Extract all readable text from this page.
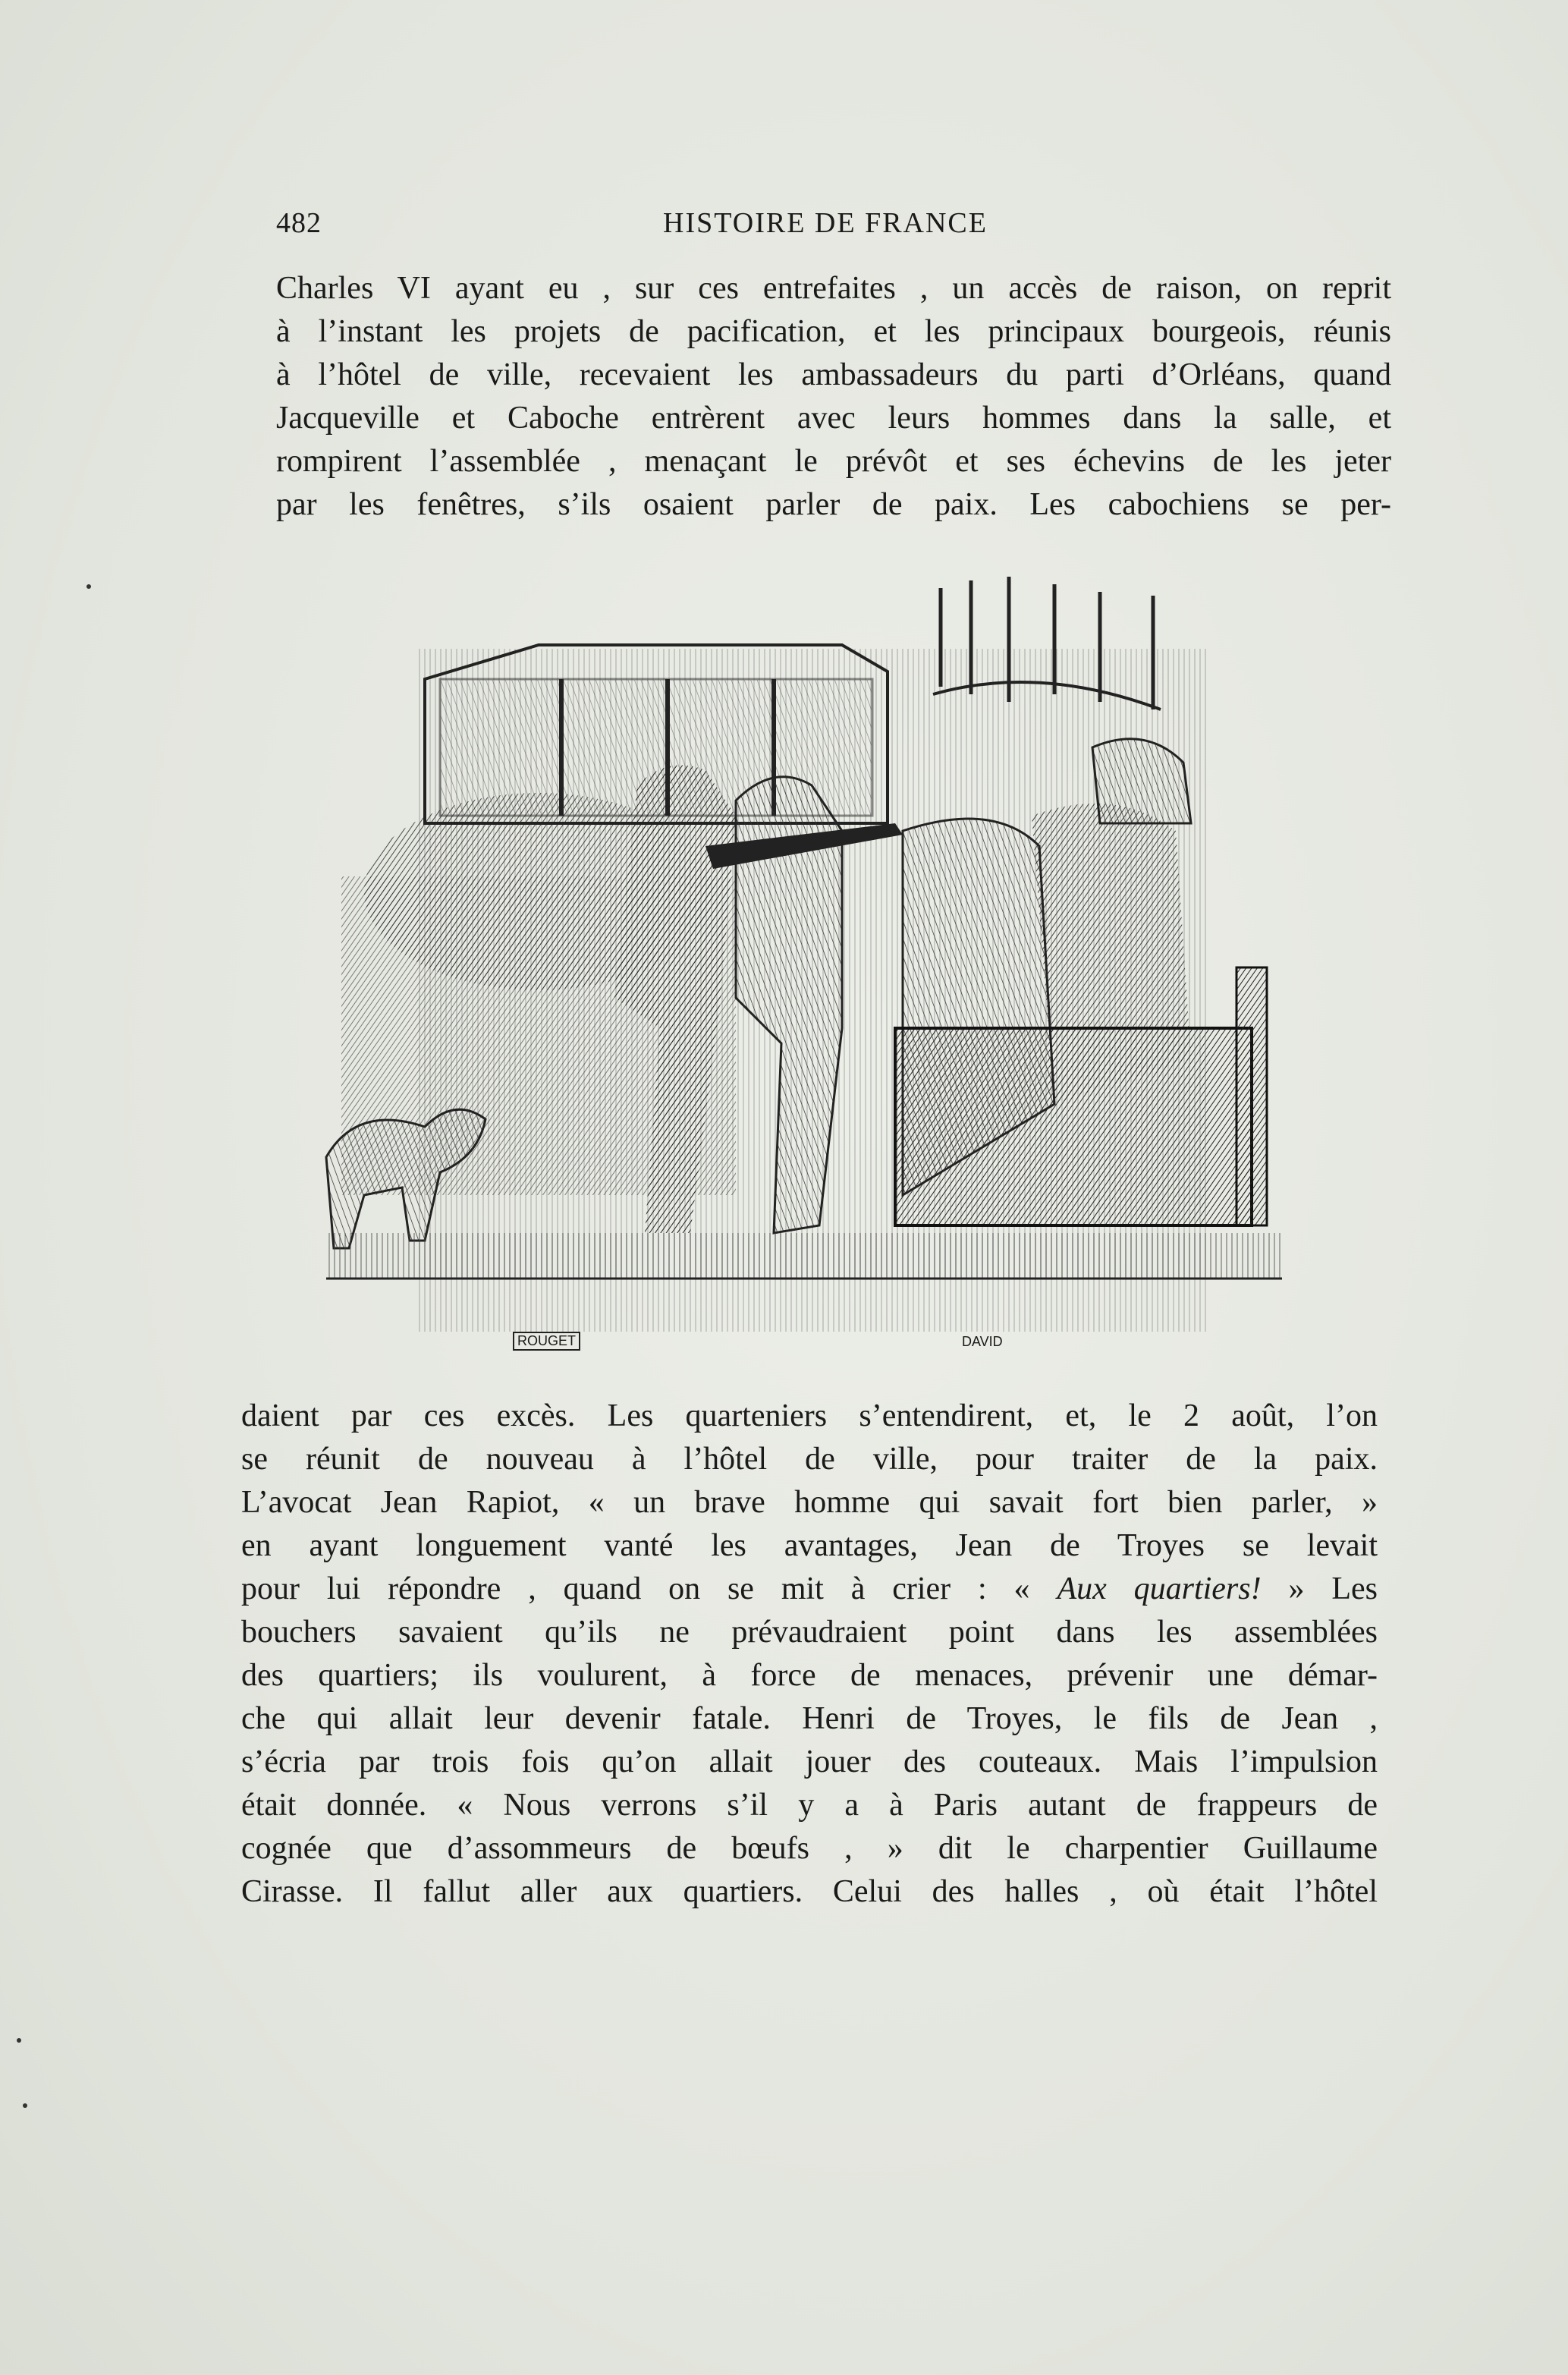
482	HISTOIRE DE FRANCE

Charles VI ayant eu , sur ces entrefaites , un accès de raison, on reprit
à l’instant les projets de pacification, et les principaux bourgeois, réunis
à l’hôtel de ville, recevaient les ambassadeurs du parti d’Orléans, quand
Jacqueville et Caboche entrèrent avec leurs hommes dans la salle, et
rompirent l’assemblée , menaçant le prévôt et ses échevins de les jeter
par les fenêtres, s’ils osaient parler de paix. Les cabochiens se per-

ROUGET	DAVID

daient par ces excès. Les quarteniers s’entendirent, et, le 2 août, l’on
se réunit de nouveau à l’hôtel de ville, pour traiter de la paix.
L’avocat Jean Rapiot, « un brave homme qui savait fort bien parler, »
en ayant longuement vanté les avantages, Jean de Troyes se levait
pour lui répondre , quand on se mit à crier : « Aux quartiers! » Les
bouchers savaient qu’ils ne prévaudraient point dans les assemblées
des quartiers; ils voulurent, à force de menaces, prévenir une démar-
che qui allait leur devenir fatale. Henri de Troyes, le fils de Jean ,
s’écria par trois fois qu’on allait jouer des couteaux. Mais l’impulsion
était donnée. « Nous verrons s’il y a à Paris autant de frappeurs de
cognée que d’assommeurs de bœufs , » dit le charpentier Guillaume
Cirasse. Il fallut aller aux quartiers. Celui des halles , où était l’hôtel
